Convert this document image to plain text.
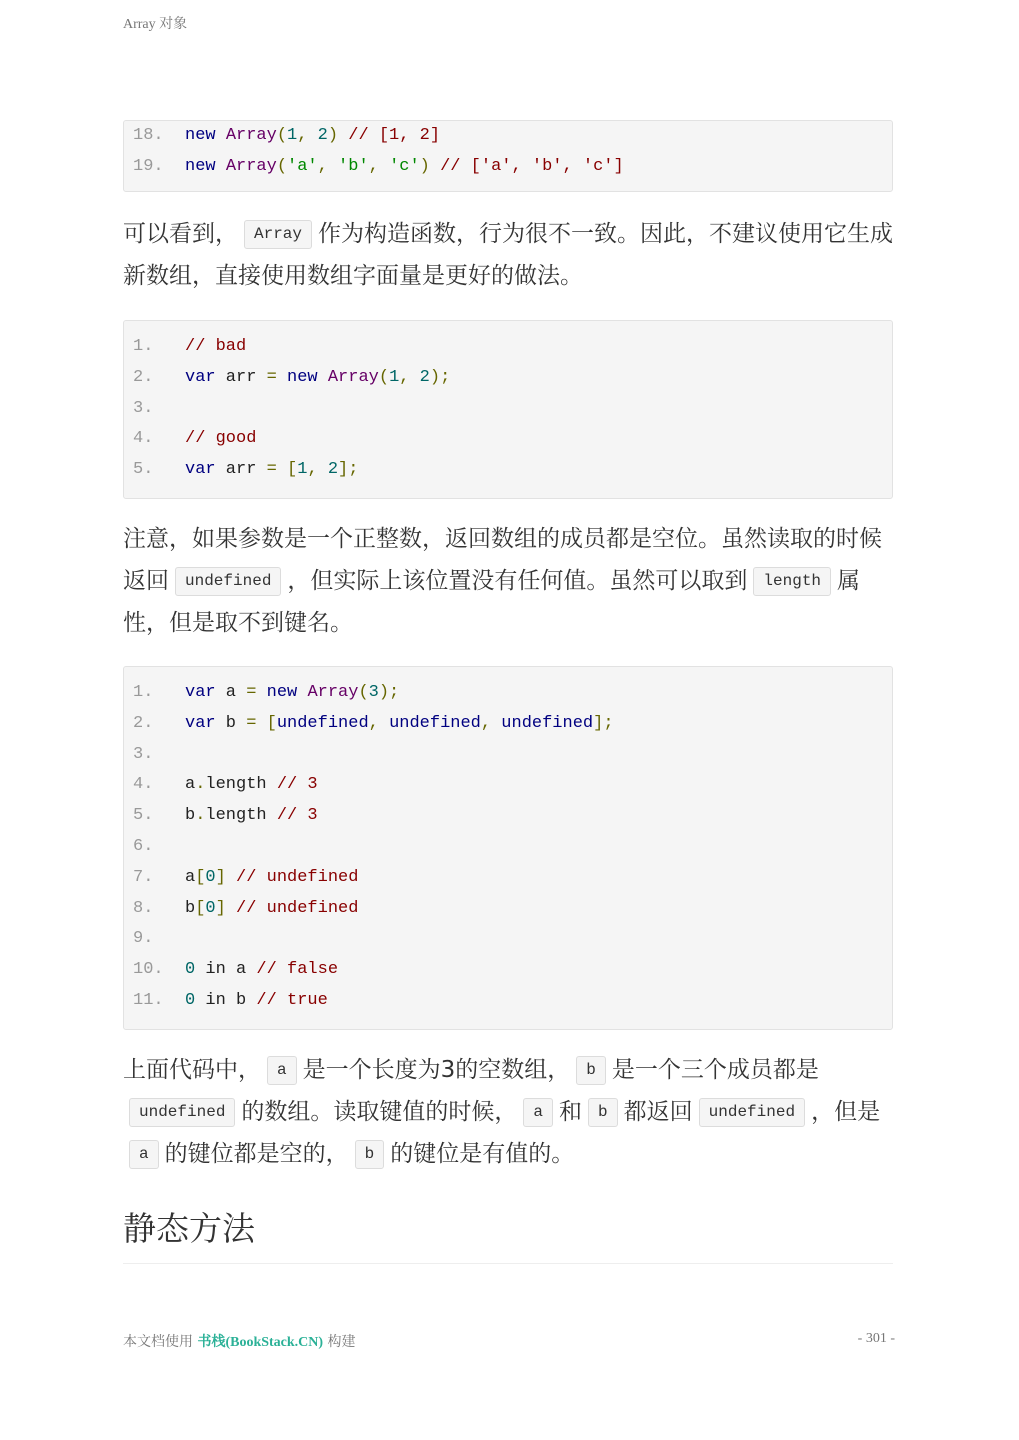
Array 对象
18.	new Array(1, 2) // [1, 2]
19.	new Array('a', 'b', 'c') // ['a', 'b', 'c']
可以看到， Array 作为构造函数，行为很不一致。因此，不建议使用它生成新数组，直接使用数组字面量是更好的做法。
1.	// bad
2.	var arr = new Array(1, 2);
3.
4.	// good
5.	var arr = [1, 2];
注意，如果参数是一个正整数，返回数组的成员都是空位。虽然读取的时候返回 undefined ，但实际上该位置没有任何值。虽然可以取到 length 属性，但是取不到键名。
1.	var a = new Array(3);
2.	var b = [undefined, undefined, undefined];
3.
4.	a.length // 3
5.	b.length // 3
6.
7.	a[0] // undefined
8.	b[0] // undefined
9.
10.	0 in a // false
11.	0 in b // true
上面代码中， a 是一个长度为3的空数组， b 是一个三个成员都是undefined 的数组。读取键值的时候， a 和 b 都返回 undefined ，但是a 的键位都是空的， b 的键位是有值的。
静态方法
本文档使用 书栈(BookStack.CN) 构建	- 301 -
